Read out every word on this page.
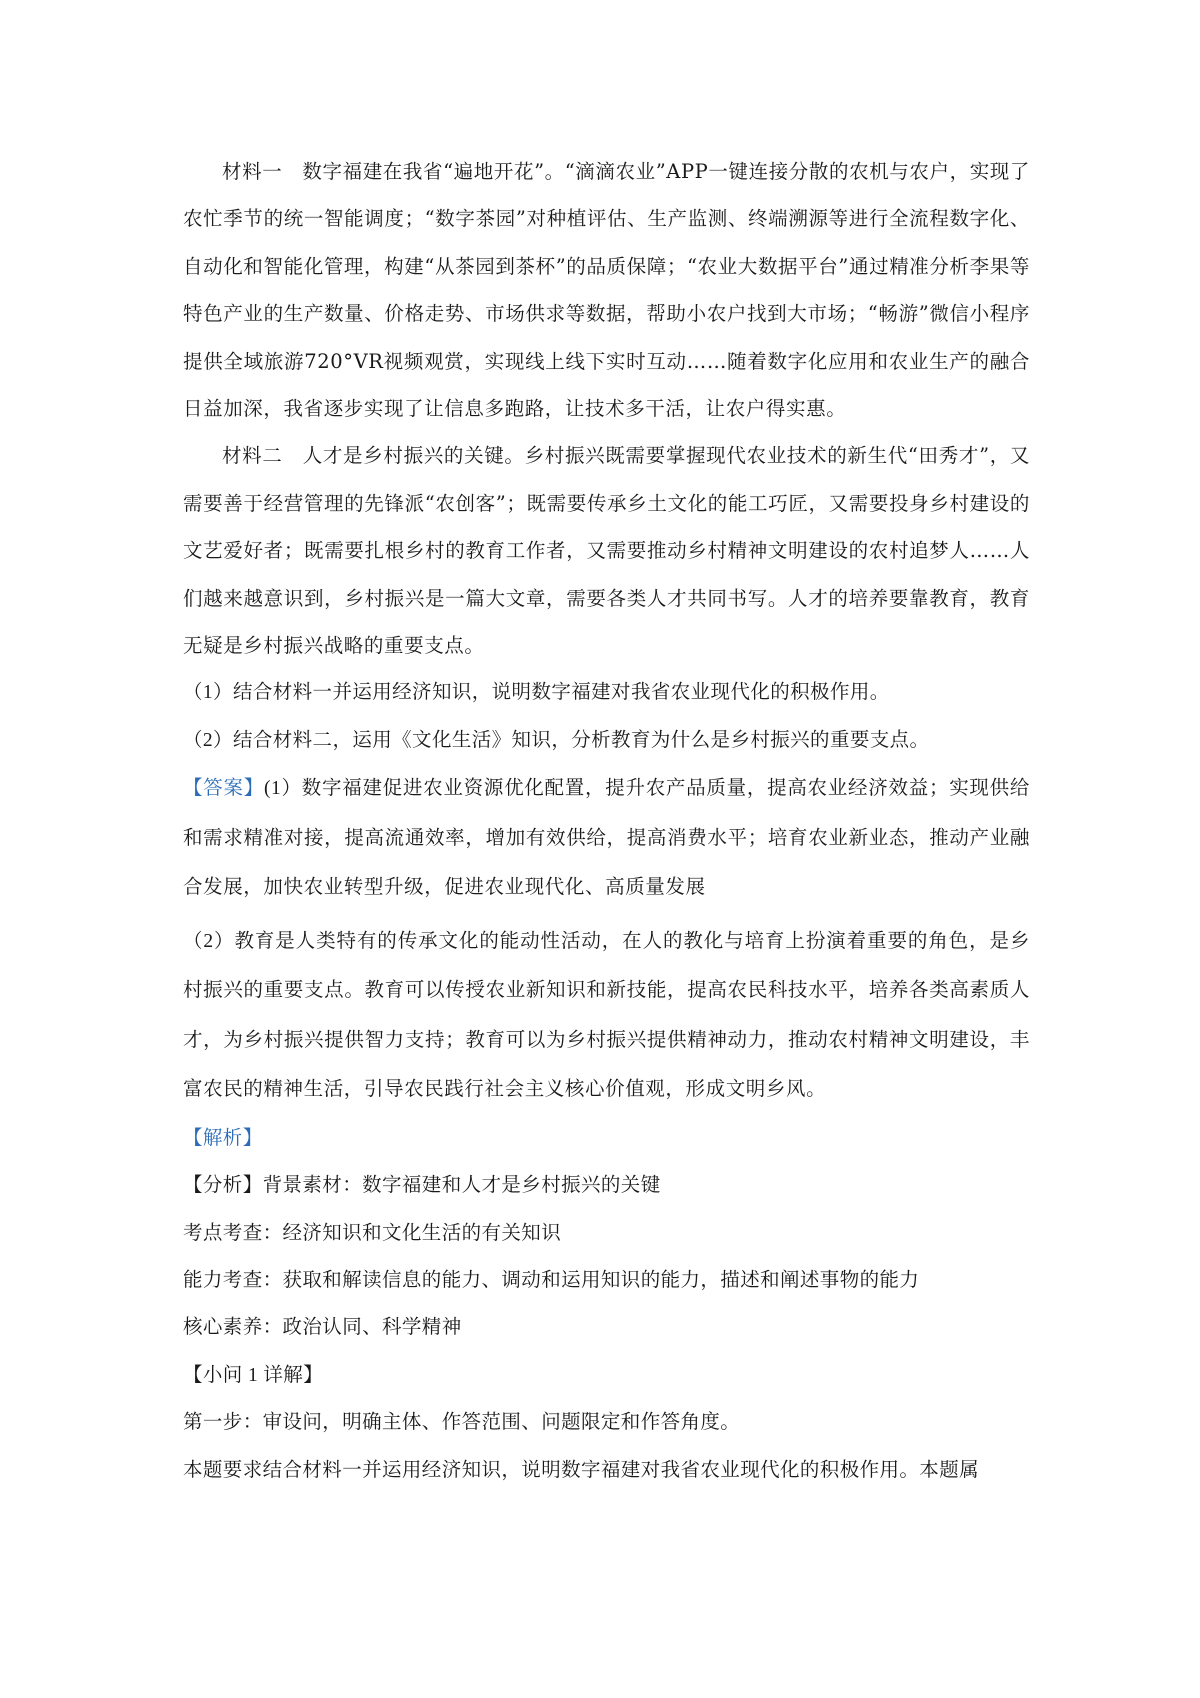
材料一　数字福建在我省“遍地开花”。“滴滴农业”APP一键连接分散的农机与农户，实现了农忙季节的统一智能调度；“数字茶园”对种植评估、生产监测、终端溯源等进行全流程数字化、自动化和智能化管理，构建“从茶园到茶杯”的品质保障；“农业大数据平台”通过精准分析李果等特色产业的生产数量、价格走势、市场供求等数据，帮助小农户找到大市场；“畅游”微信小程序提供全域旅游720°VR视频观赏，实现线上线下实时互动……随着数字化应用和农业生产的融合日益加深，我省逐步实现了让信息多跑路，让技术多干活，让农户得实惠。

材料二　人才是乡村振兴的关键。乡村振兴既需要掌握现代农业技术的新生代“田秀才”，又需要善于经营管理的先锋派“农创客”；既需要传承乡土文化的能工巧匠，又需要投身乡村建设的文艺爱好者；既需要扎根乡村的教育工作者，又需要推动乡村精神文明建设的农村追梦人……人们越来越意识到，乡村振兴是一篇大文章，需要各类人才共同书写。人才的培养要靠教育，教育无疑是乡村振兴战略的重要支点。

（1）结合材料一并运用经济知识，说明数字福建对我省农业现代化的积极作用。

（2）结合材料二，运用《文化生活》知识，分析教育为什么是乡村振兴的重要支点。

【答案】(1）数字福建促进农业资源优化配置，提升农产品质量，提高农业经济效益；实现供给和需求精准对接，提高流通效率，增加有效供给，提高消费水平；培育农业新业态，推动产业融合发展，加快农业转型升级，促进农业现代化、高质量发展

（2）教育是人类特有的传承文化的能动性活动，在人的教化与培育上扮演着重要的角色，是乡村振兴的重要支点。教育可以传授农业新知识和新技能，提高农民科技水平，培养各类高素质人才，为乡村振兴提供智力支持；教育可以为乡村振兴提供精神动力，推动农村精神文明建设，丰富农民的精神生活，引导农民践行社会主义核心价值观，形成文明乡风。

【解析】

【分析】背景素材：数字福建和人才是乡村振兴的关键

考点考查：经济知识和文化生活的有关知识

能力考查：获取和解读信息的能力、调动和运用知识的能力，描述和阐述事物的能力

核心素养：政治认同、科学精神

【小问 1 详解】

第一步：审设问，明确主体、作答范围、问题限定和作答角度。

本题要求结合材料一并运用经济知识，说明数字福建对我省农业现代化的积极作用。本题属
